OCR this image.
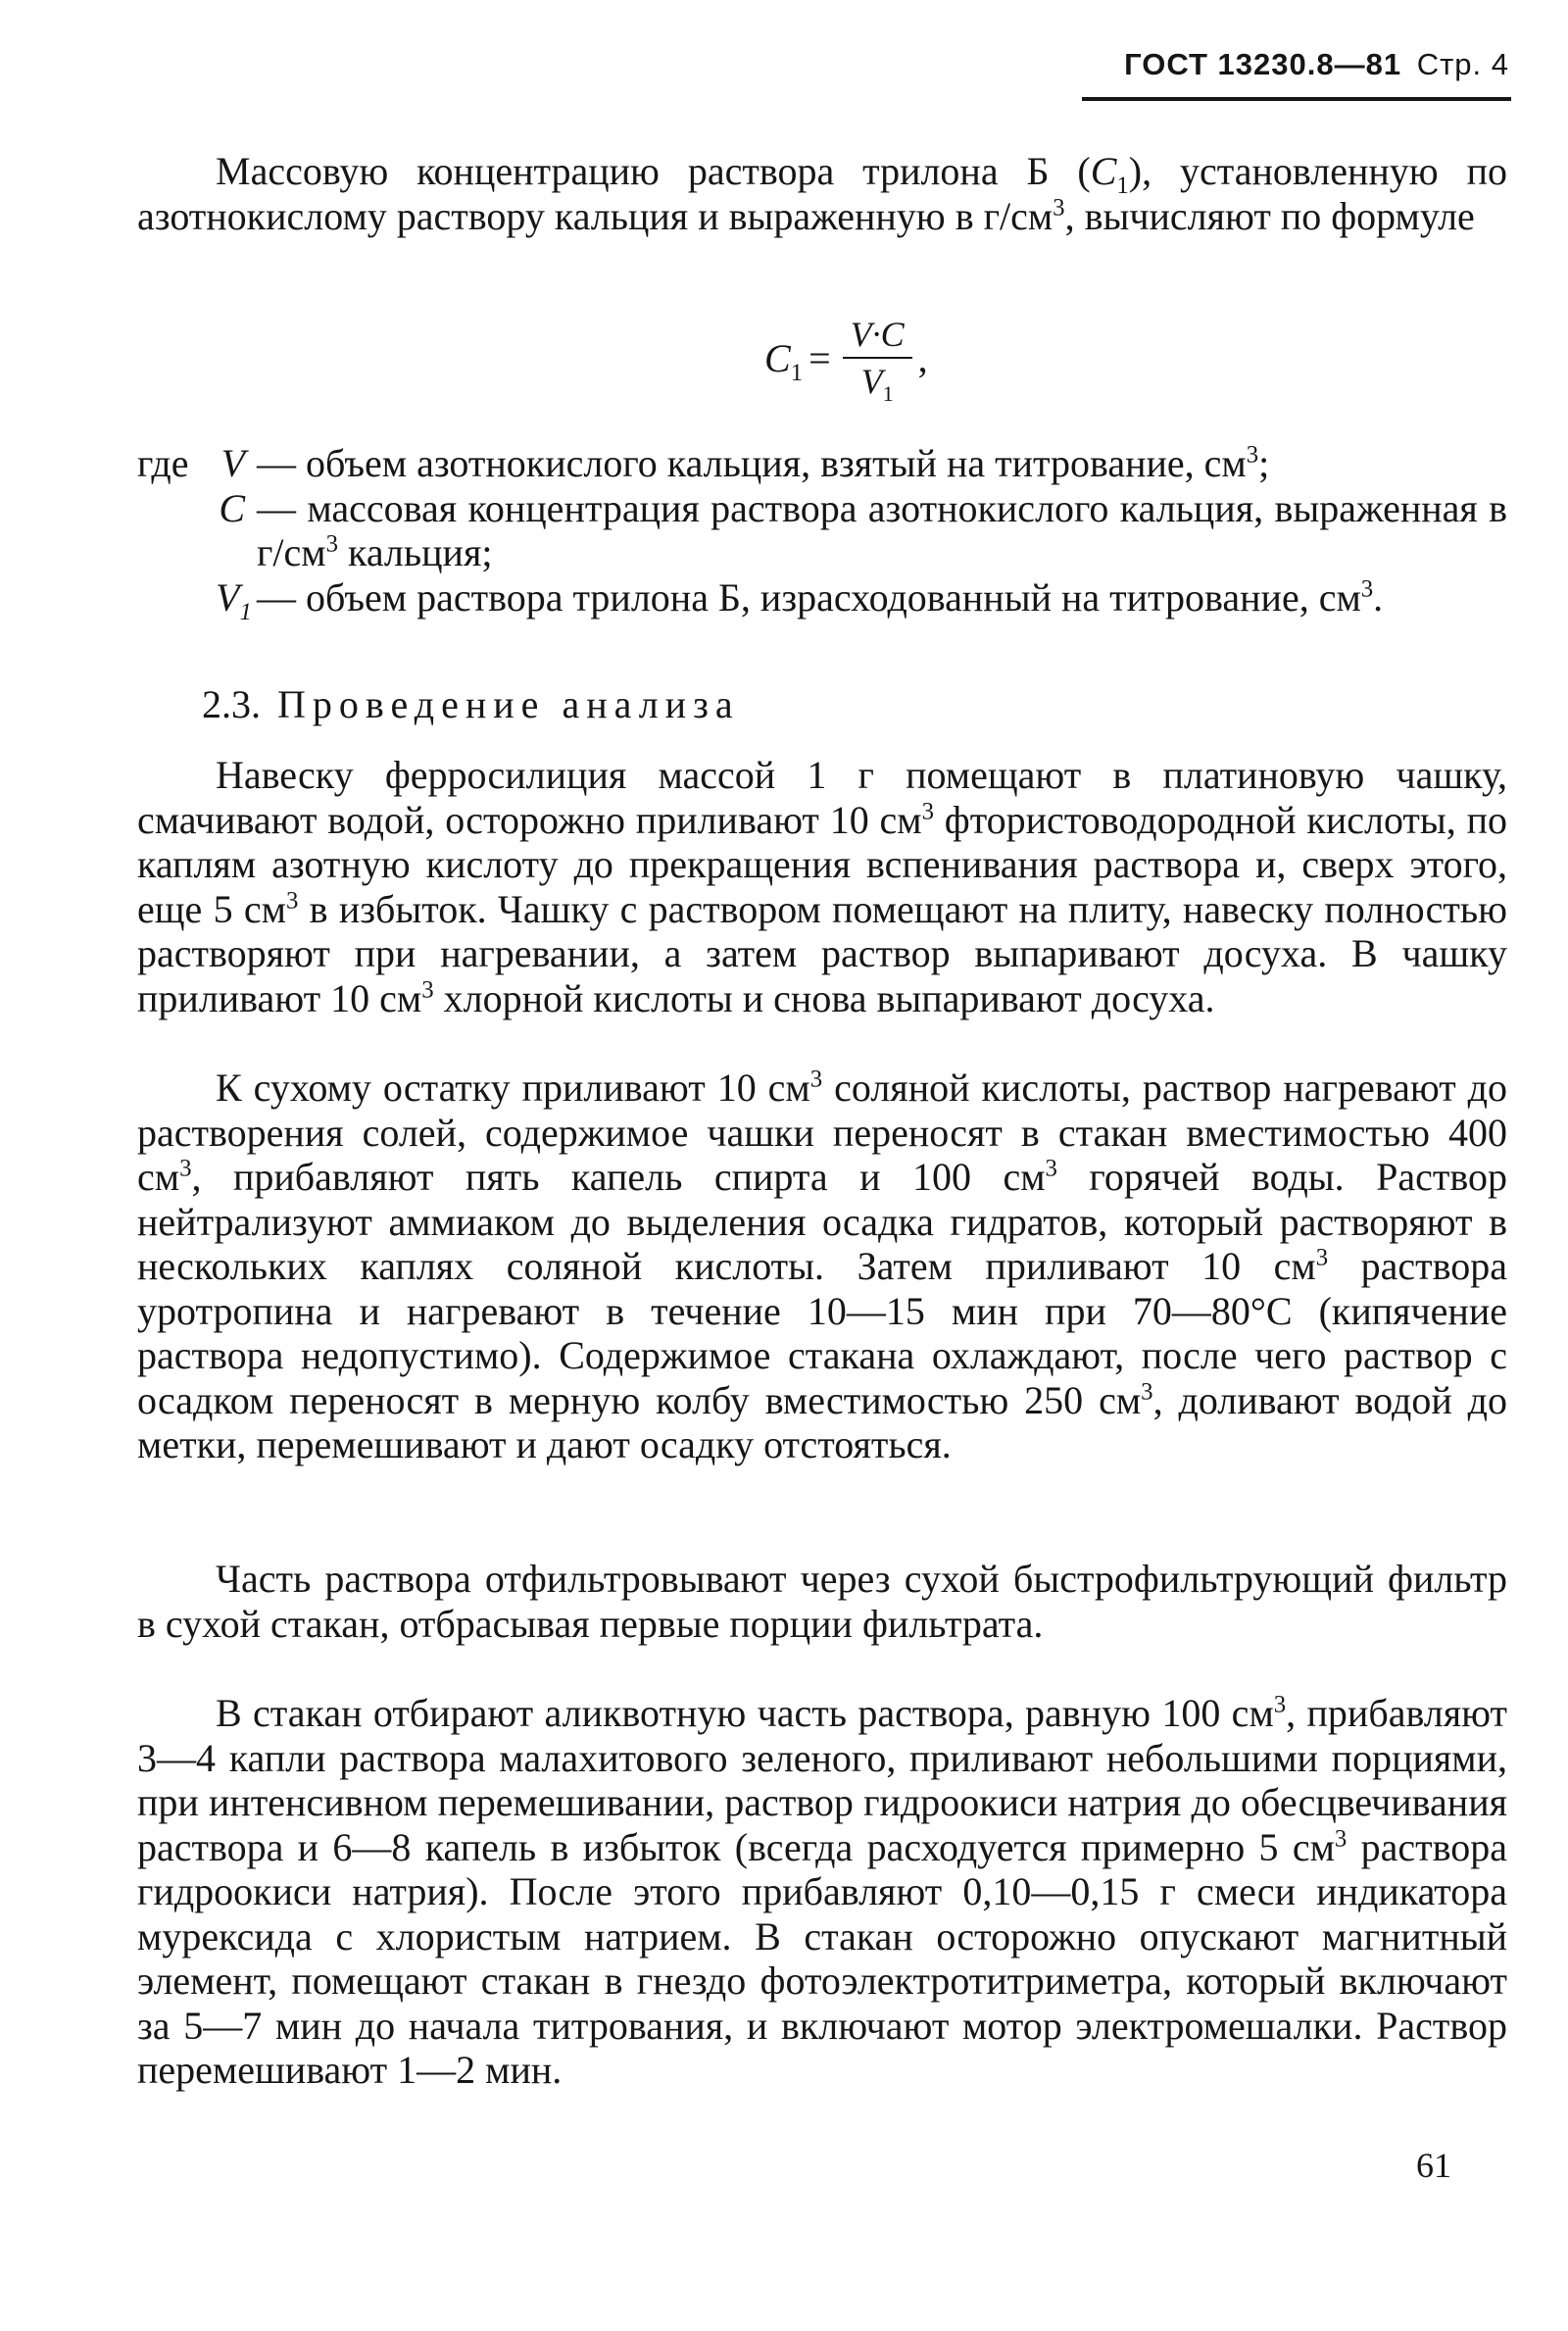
ГОСТ 13230.8—81 Стр. 4

Массовую концентрацию раствора трилона Б $(C_1)$, установленную по азотнокислому раствору кальция и выраженную в $г/см^3$, вычисляют по формуле

$C_1 = \frac{V\cdot C}{V_1}$ ,
где V — объем азотнокислого кальция, взятый на титрование, $см^3$;
C — массовая концентрация раствора азотнокислого кальция, выраженная в $г/см^3$ кальция;
$V_1$ — объем раствора трилона Б, израсходованный на титрование, $см^3$.
2.3. Проведение анализа

Навеску ферросилиция массой 1 г помещают в платиновую чашку, смачивают водой, осторожно приливают 10 $см^3$ фтористоводородной кислоты, по каплям азотную кислоту до прекращения вспенивания раствора и, сверх этого, еще 5 $см^3$ в избыток. Чашку с раствором помещают на плиту, навеску полностью растворяют при нагревании, а затем раствор выпаривают досуха. В чашку приливают 10 $см^3$ хлорной кислоты и снова выпаривают досуха.

К сухому остатку приливают 10 $см^3$ соляной кислоты, раствор нагревают до растворения солей, содержимое чашки переносят в стакан вместимостью 400 $см^3$, прибавляют пять капель спирта и 100 $см^3$ горячей воды. Раствор нейтрализуют аммиаком до выделения осадка гидратов, который растворяют в нескольких каплях соляной кислоты. Затем приливают 10 $см^3$ раствора уротропина и нагревают в течение 10—15 мин при 70—80°С (кипячение раствора недопустимо). Содержимое стакана охлаждают, после чего раствор с осадком переносят в мерную колбу вместимостью 250 $см^3$, доливают водой до метки, перемешивают и дают осадку отстояться.

Часть раствора отфильтровывают через сухой быстрофильтрующий фильтр в сухой стакан, отбрасывая первые порции фильтрата.

В стакан отбирают аликвотную часть раствора, равную 100 $см^3$, прибавляют 3—4 капли раствора малахитового зеленого, приливают небольшими порциями, при интенсивном перемешивании, раствор гидроокиси натрия до обесцвечивания раствора и 6—8 капель в избыток (всегда расходуется примерно 5 $см^3$ раствора гидроокиси натрия). После этого прибавляют 0,10—0,15 г смеси индикатора мурексида с хлористым натрием. В стакан осторожно опускают магнитный элемент, помещают стакан в гнездо фотоэлектротитриметра, который включают за 5—7 мин до начала титрования, и включают мотор электромешалки. Раствор перемешивают 1—2 мин.

61
